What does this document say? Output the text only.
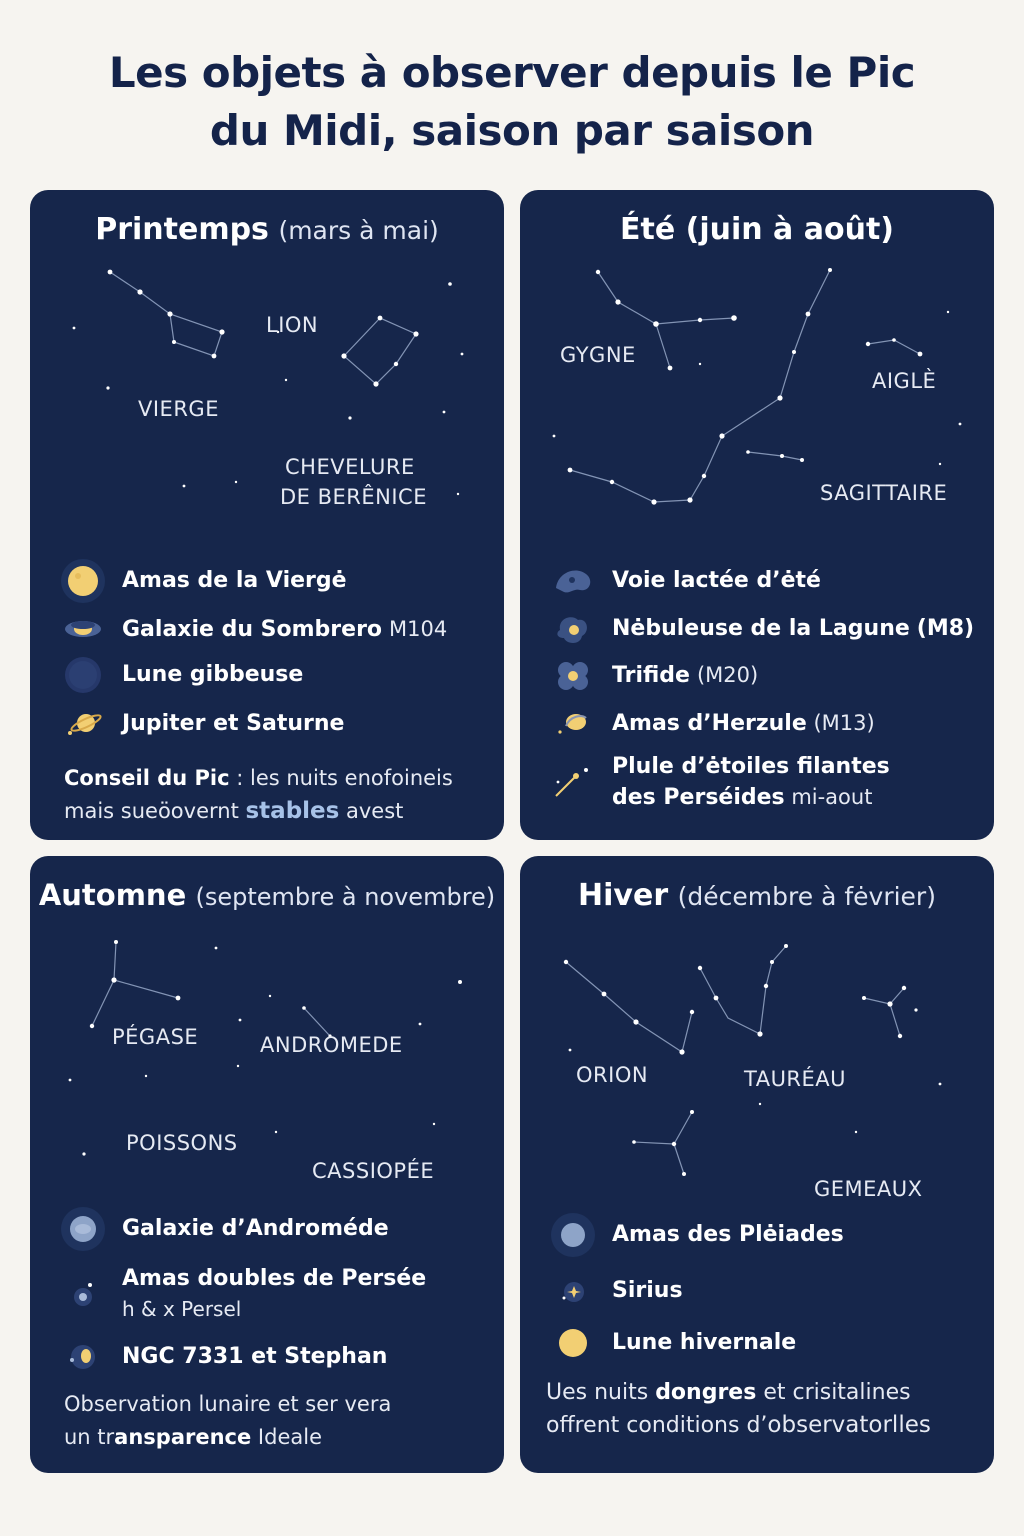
Les objets à observer depuis le Pic
du Midi, saison par saison
Printemps (mars à mai)
LION
VIERGE
CHEVELURE
DE BERÊNICE
Amas de la Viergė
Galaxie du Sombrero M104
Lune gibbeuse
Jupiter et Saturne
Conseil du Pic : les nuits enofoineis
mais sueöovernt stables avest
Été (juin à août)
GYGNE
AIGLÈ
SAGITTAIRE
Voie lactée d’ėté
Nėbuleuse de la Lagune (M8)
Trifide (M20)
Amas d’Herzule (M13)
Plule d’ėtoiles filantes
des Perséides mi-aout
Automne (septembre à novembre)
PÉGASE	ANDROMEDE
POISSONS
CASSIOPÉE
Galaxie d’Androméde
Amas doubles de Persée
h & x Persel
NGC 7331 et Stephan
Observation lunaire et ser vera
un transparence Ideale
Hiver (décembre à fėvrier)
ORION	TAURÉAU
GEMEAUX
Amas des Plėiades
Sirius
Lune hivernale
Ues nuits dongres et crisitalines
offrent conditions d’observatorlles
